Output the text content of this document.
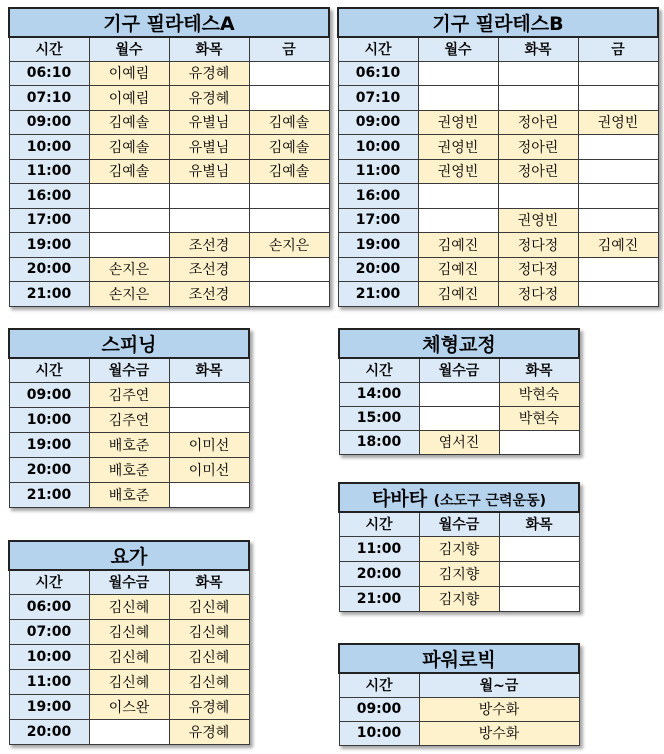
기구 필라테스A			
시간	월수	화목	금
06:10	이예림	유경혜	
07:10	이예림	유경혜	
09:00	김예솔	유별님	김예솔
10:00	김예솔	유별님	김예솔
11:00	김예솔	유별님	김예솔
16:00			
17:00			
19:00		조선경	손지은
20:00	손지은	조선경	
21:00	손지은	조선경	
기구 필라테스B			
시간	월수	화목	금
06:10			
07:10			
09:00	권영빈	정아린	권영빈
10:00	권영빈	정아린	
11:00	권영빈	정아린	
16:00			
17:00		권영빈	
19:00	김예진	정다정	김예진
20:00	김예진	정다정	
21:00	김예진	정다정	
스피닝		
시간	월수금	화목
09:00	김주연	
10:00	김주연	
19:00	배호준	이미선
20:00	배호준	이미선
21:00	배호준	
요가		
시간	월수금	화목
06:00	김신혜	김신혜
07:00	김신혜	김신혜
10:00	김신혜	김신혜
11:00	김신혜	김신혜
19:00	이스완	유경혜
20:00		유경혜
체형교정		
시간	월수금	화목
14:00		박현숙
15:00		박현숙
18:00	염서진	
타바타 (소도구 근력운동)		
시간	월수금	화목
11:00	김지향	
20:00	김지향	
21:00	김지향	
파워로빅	
시간	월~금
09:00	방수화
10:00	방수화
